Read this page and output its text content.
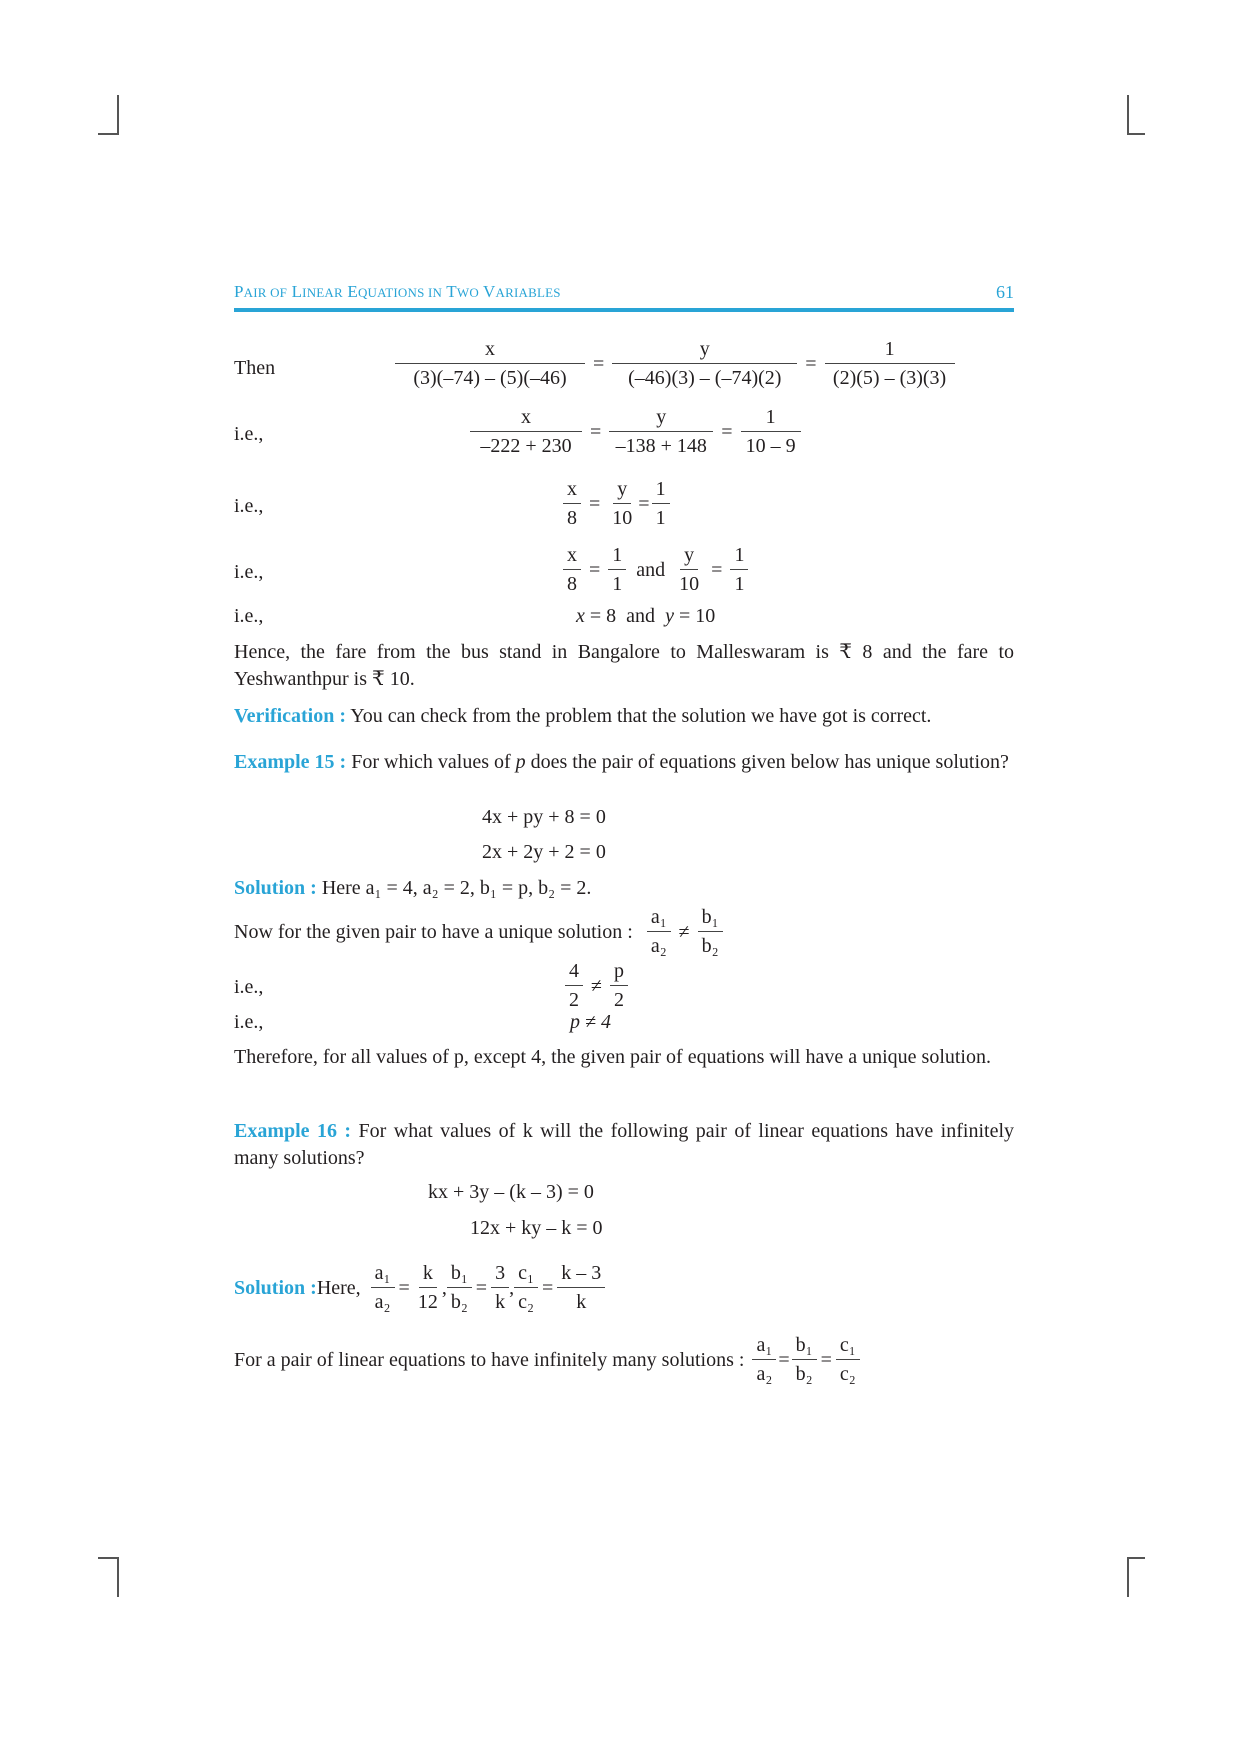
PAIR OF LINEAR EQUATIONS IN TWO VARIABLES	61
Then	$\frac{x}{(3)(-74) - (5)(-46)} = \frac{y}{(-46)(3) - (-74)(2)} = \frac{1}{(2)(5) - (3)(3)}$
i.e.,	$\frac{x}{-222 + 230} = \frac{y}{-138 + 148} = \frac{1}{10 - 9}$
i.e.,	$\frac{x}{8} = \frac{y}{10} = \frac{1}{1}$
i.e.,	$\frac{x}{8} = \frac{1}{1}$ and $\frac{y}{10} = \frac{1}{1}$
i.e.,	x = 8 and y = 10
Hence, the fare from the bus stand in Bangalore to Malleswaram is ₹ 8 and the fare to Yeshwanthpur is ₹ 10.
Verification : You can check from the problem that the solution we have got is correct.
Example 15 : For which values of p does the pair of equations given below has unique solution?
4x + py + 8 = 0
2x + 2y + 2 = 0
Solution : Here a₁ = 4, a₂ = 2, b₁ = p, b₂ = 2.
Now for the given pair to have a unique solution : $\frac{\text{a₁}}{\text{a₂}} \ne \frac{\text{b₁}}{\text{b₂}}$
i.e.,	$\frac{4}{2} \ne \frac{p}{2}$
i.e.,	p ≠ 4
Therefore, for all values of p, except 4, the given pair of equations will have a unique solution.
Example 16 : For what values of k will the following pair of linear equations have infinitely many solutions?
kx + 3y – (k – 3) = 0
12x + ky – k = 0
Solution : Here, $\frac{\text{a₁}}{\text{a₂}} = \frac{k}{12}$ , $\frac{\text{b₁}}{\text{b₂}} = \frac{3}{k}$ , $\frac{\text{c₁}}{\text{c₂}} = \frac{k - 3}{k}$
For a pair of linear equations to have infinitely many solutions : $\frac{\text{a₁}}{\text{a₂}} = \frac{\text{b₁}}{\text{b₂}} = \frac{\text{c₁}}{\text{c₂}}$
